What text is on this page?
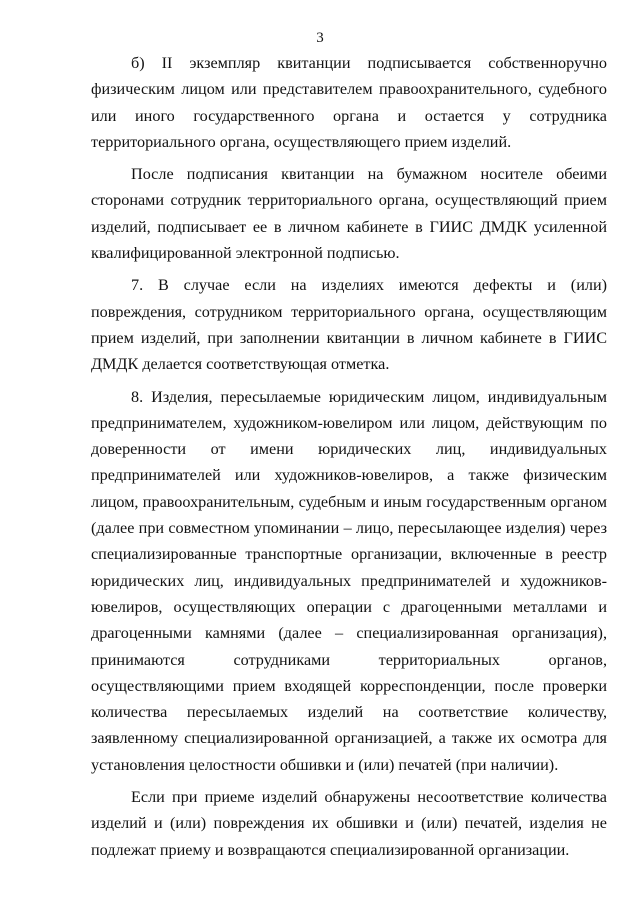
3

б) II экземпляр квитанции подписывается собственноручно физическим лицом или представителем правоохранительного, судебного или иного государственного органа и остается у сотрудника территориального органа, осуществляющего прием изделий.

После подписания квитанции на бумажном носителе обеими сторонами сотрудник территориального органа, осуществляющий прием изделий, подписывает ее в личном кабинете в ГИИС ДМДК усиленной квалифицированной электронной подписью.

7. В случае если на изделиях имеются дефекты и (или) повреждения, сотрудником территориального органа, осуществляющим прием изделий, при заполнении квитанции в личном кабинете в ГИИС ДМДК делается соответствующая отметка.

8. Изделия, пересылаемые юридическим лицом, индивидуальным предпринимателем, художником-ювелиром или лицом, действующим по доверенности от имени юридических лиц, индивидуальных предпринимателей или художников-ювелиров, а также физическим лицом, правоохранительным, судебным и иным государственным органом (далее при совместном упоминании – лицо, пересылающее изделия) через специализированные транспортные организации, включенные в реестр юридических лиц, индивидуальных предпринимателей и художников-ювелиров, осуществляющих операции с драгоценными металлами и драгоценными камнями (далее – специализированная организация), принимаются сотрудниками территориальных органов, осуществляющими прием входящей корреспонденции, после проверки количества пересылаемых изделий на соответствие количеству, заявленному специализированной организацией, а также их осмотра для установления целостности обшивки и (или) печатей (при наличии).

Если при приеме изделий обнаружены несоответствие количества изделий и (или) повреждения их обшивки и (или) печатей, изделия не подлежат приему и возвращаются специализированной организации.
